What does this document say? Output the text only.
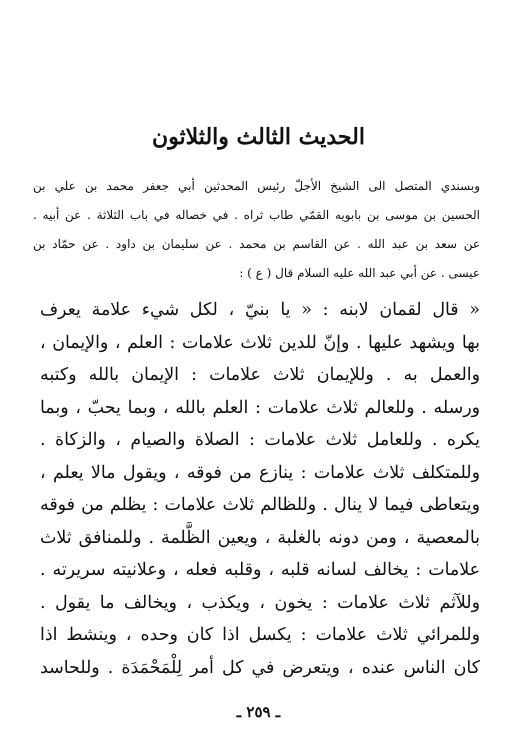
الحديث الثالث والثلاثون
وبسندي المتصل الى الشيخ الأجلّ رئيس المحدثين أبي جعفر محمد بن علي بن
الحسين بن موسى بن بابويه القمّي طاب ثراه . في خصاله في باب الثلاثة . عن أبيه .
عن سعد بن عبد الله . عن القاسم بن محمد . عن سليمان بن داود . عن حمّاد بن
عيسى . عن أبي عبد الله عليه السلام قال ( ع ) :
« قال لقمان لابنه : « يا بنيّ ، لكل شيء علامة يعرف
بها ويشهد عليها . وإنّ للدين ثلاث علامات : العلم ، والإيمان ،
والعمل به . وللإيمان ثلاث علامات : الإيمان بالله وكتبه
ورسله . وللعالم ثلاث علامات : العلم بالله ، وبما يحبّ ، وبما
يكره . وللعامل ثلاث علامات : الصلاة والصيام ، والزكاة .
وللمتكلف ثلاث علامات : ينازع من فوقه ، ويقول مالا يعلم ،
ويتعاطى فيما لا ينال . وللظالم ثلاث علامات : يظلم من فوقه
بالمعصية ، ومن دونه بالغلبة ، ويعين الظَّلمة . وللمنافق ثلاث
علامات : يخالف لسانه قلبه ، وقلبه فعله ، وعلانيته سريرته .
وللآثم ثلاث علامات : يخون ، ويكذب ، ويخالف ما يقول .
وللمرائي ثلاث علامات : يكسل اذا كان وحده ، وينشط اذا
كان الناس عنده ، ويتعرض في كل أمر لِلْمَحْمَدَة . وللحاسد
ـ ٢٥٩ ـ
